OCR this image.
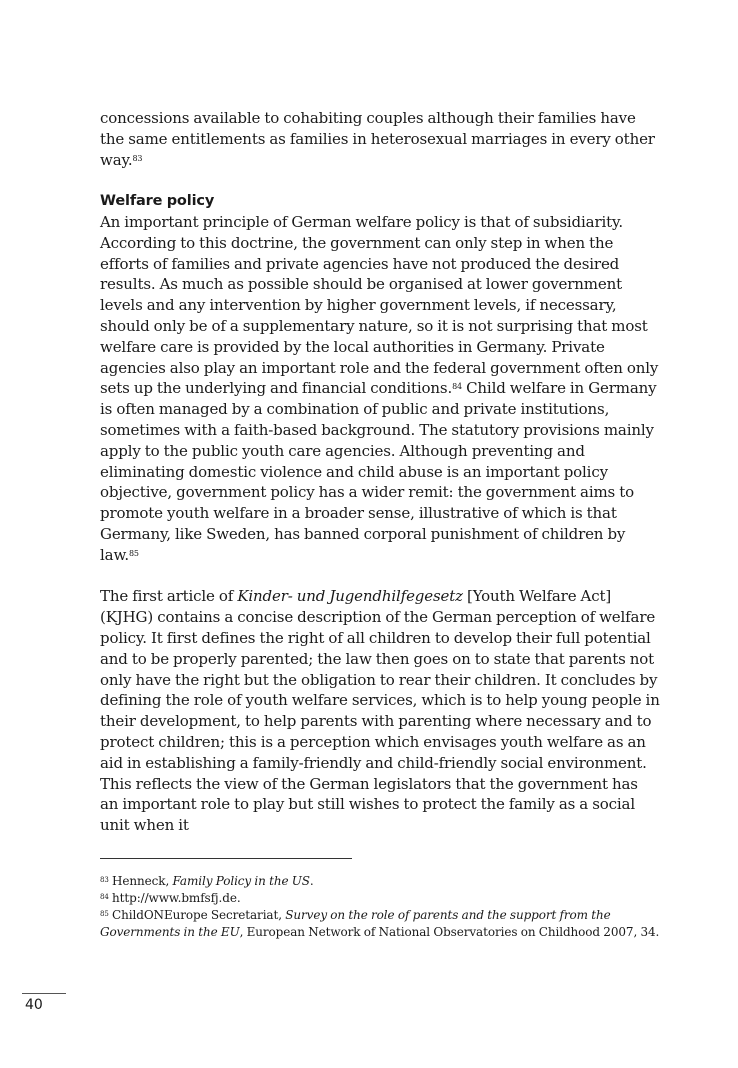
concessions available to cohabiting couples although their families have the same entitlements as families in heterosexual marriages in every other way.$^{83}$

Welfare policy

An important principle of German welfare policy is that of subsidiarity. According to this doctrine, the government can only step in when the efforts of families and private agencies have not produced the desired results. As much as possible should be organised at lower government levels and any intervention by higher government levels, if necessary, should only be of a supplementary nature, so it is not surprising that most welfare care is provided by the local authorities in Germany. Private agencies also play an important role and the federal government often only sets up the underlying and financial conditions.$^{84}$ Child welfare in Germany is often managed by a combination of public and private institutions, sometimes with a faith-based background. The statutory provisions mainly apply to the public youth care agencies. Although preventing and eliminating domestic violence and child abuse is an important policy objective, government policy has a wider remit: the government aims to promote youth welfare in a broader sense, illustrative of which is that Germany, like Sweden, has banned corporal punishment of children by law.$^{85}$

The first article of Kinder- und Jugendhilfegesetz [Youth Welfare Act] (KJHG) contains a concise description of the German perception of welfare policy. It first defines the right of all children to develop their full potential and to be properly parented; the law then goes on to state that parents not only have the right but the obligation to rear their children. It concludes by defining the role of youth welfare services, which is to help young people in their development, to help parents with parenting where necessary and to protect children; this is a perception which envisages youth welfare as an aid in establishing a family-friendly and child-friendly social environment. This reflects the view of the German legislators that the government has an important role to play but still wishes to protect the family as a social unit when it

$^{83}$ Henneck, Family Policy in the US.

$^{84}$ http://www.bmfsfj.de.

$^{85}$ ChildONEurope Secretariat, Survey on the role of parents and the support from the Governments in the EU, European Network of National Observatories on Childhood 2007, 34.

40
